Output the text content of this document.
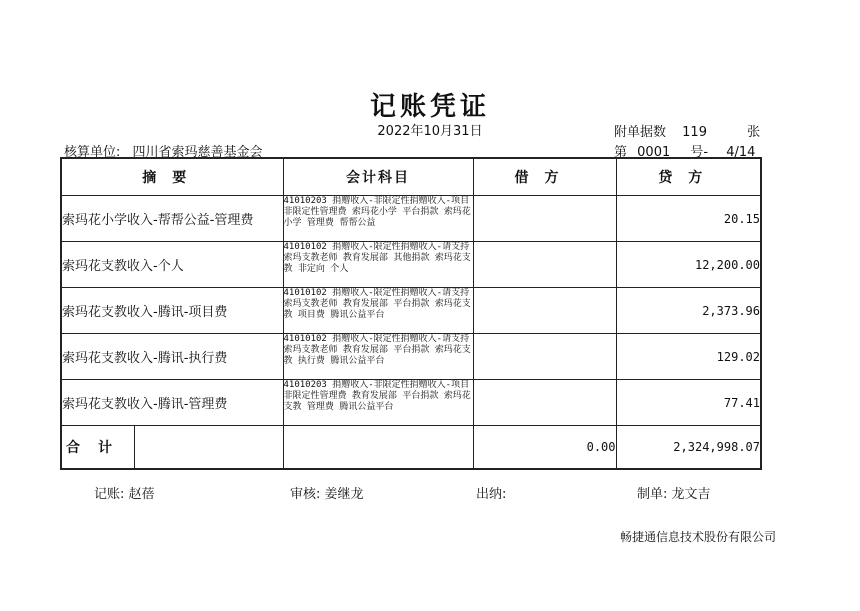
记账凭证
2022年10月31日
核算单位: 四川省索玛慈善基金会
附单据数 119	张
第 0001 号- 4/14
摘要	会计科目	借方	贷方
索玛花小学收入-帮帮公益-管理费	41010203 捐赠收入-非限定性捐赠收入-项目非限定性管理费 索玛花小学 平台捐款 索玛花小学 管理费 帮帮公益		20.15
索玛花支教收入-个人	41010102 捐赠收入-限定性捐赠收入-请支持索玛支教老师 教育发展部 其他捐款 索玛花支教 非定向 个人		12,200.00
索玛花支教收入-腾讯-项目费	41010102 捐赠收入-限定性捐赠收入-请支持索玛支教老师 教育发展部 平台捐款 索玛花支教 项目费 腾讯公益平台		2,373.96
索玛花支教收入-腾讯-执行费	41010102 捐赠收入-限定性捐赠收入-请支持索玛支教老师 教育发展部 平台捐款 索玛花支教 执行费 腾讯公益平台		129.02
索玛花支教收入-腾讯-管理费	41010203 捐赠收入-非限定性捐赠收入-项目非限定性管理费 教育发展部 平台捐款 索玛花支教 管理费 腾讯公益平台		77.41

合计		0.00	2,324,998.07
记账: 赵蓓	审核: 姜继龙	出纳:	制单: 龙文吉
畅捷通信息技术股份有限公司
